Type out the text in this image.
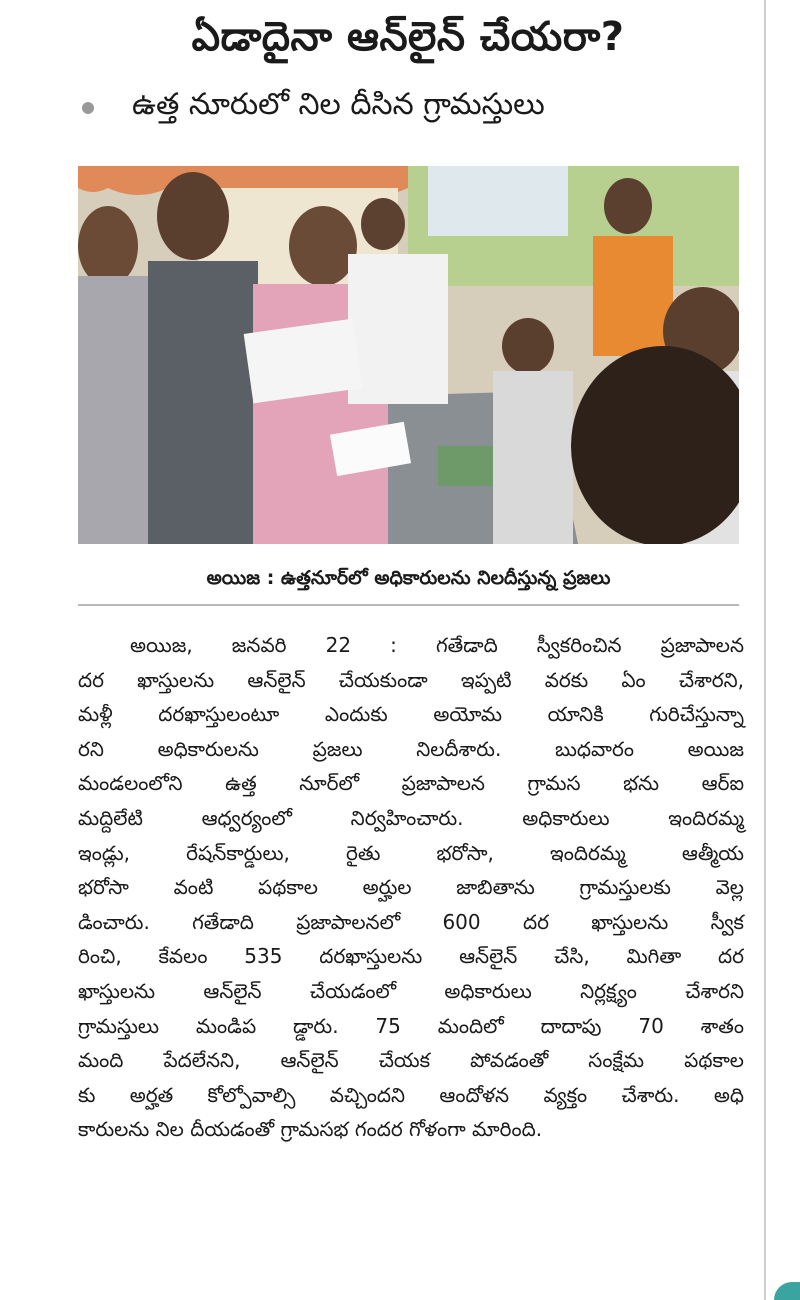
ఏడాదైనా ఆన్‌లైన్ చేయరా?
ఉత్త నూరులో నిల దీసిన గ్రామస్తులు
అయిజ : ఉత్తనూర్‌లో అధికారులను నిలదీస్తున్న ప్రజలు
అయిజ, జనవరి 22 : గతేడాది స్వీకరించిన ప్రజాపాలన
దర ఖాస్తులను ఆన్‌లైన్ చేయకుండా ఇప్పటి వరకు ఏం చేశారని,
మళ్లీ దరఖాస్తులంటూ ఎందుకు అయోమ యానికి గురిచేస్తున్నా
రని అధికారులను ప్రజలు నిలదీశారు. బుధవారం అయిజ
మండలంలోని ఉత్త నూర్‌లో ప్రజాపాలన గ్రామస భను ఆర్ఐ
మద్దిలేటి ఆధ్వర్యంలో నిర్వహించారు. అధికారులు ఇందిరమ్మ
ఇండ్లు, రేషన్‌కార్డులు, రైతు భరోసా, ఇందిరమ్మ ఆత్మీయ
భరోసా వంటి పథకాల అర్హుల జాబితాను గ్రామస్తులకు వెల్ల
డించారు. గతేడాది ప్రజాపాలనలో 600 దర ఖాస్తులను స్వీక
రించి, కేవలం 535 దరఖాస్తులను ఆన్‌లైన్ చేసి, మిగితా దర
ఖాస్తులను ఆన్‌లైన్ చేయడంలో అధికారులు నిర్లక్ష్యం చేశారని
గ్రామస్తులు మండిప డ్డారు. 75 మందిలో దాదాపు 70 శాతం
మంది పేదలేనని, ఆన్‌లైన్ చేయక పోవడంతో సంక్షేమ పథకాల
కు అర్హత కోల్పోవాల్సి వచ్చిందని ఆందోళన వ్యక్తం చేశారు. అధి
కారులను నిల దీయడంతో గ్రామసభ గందర గోళంగా మారింది.
